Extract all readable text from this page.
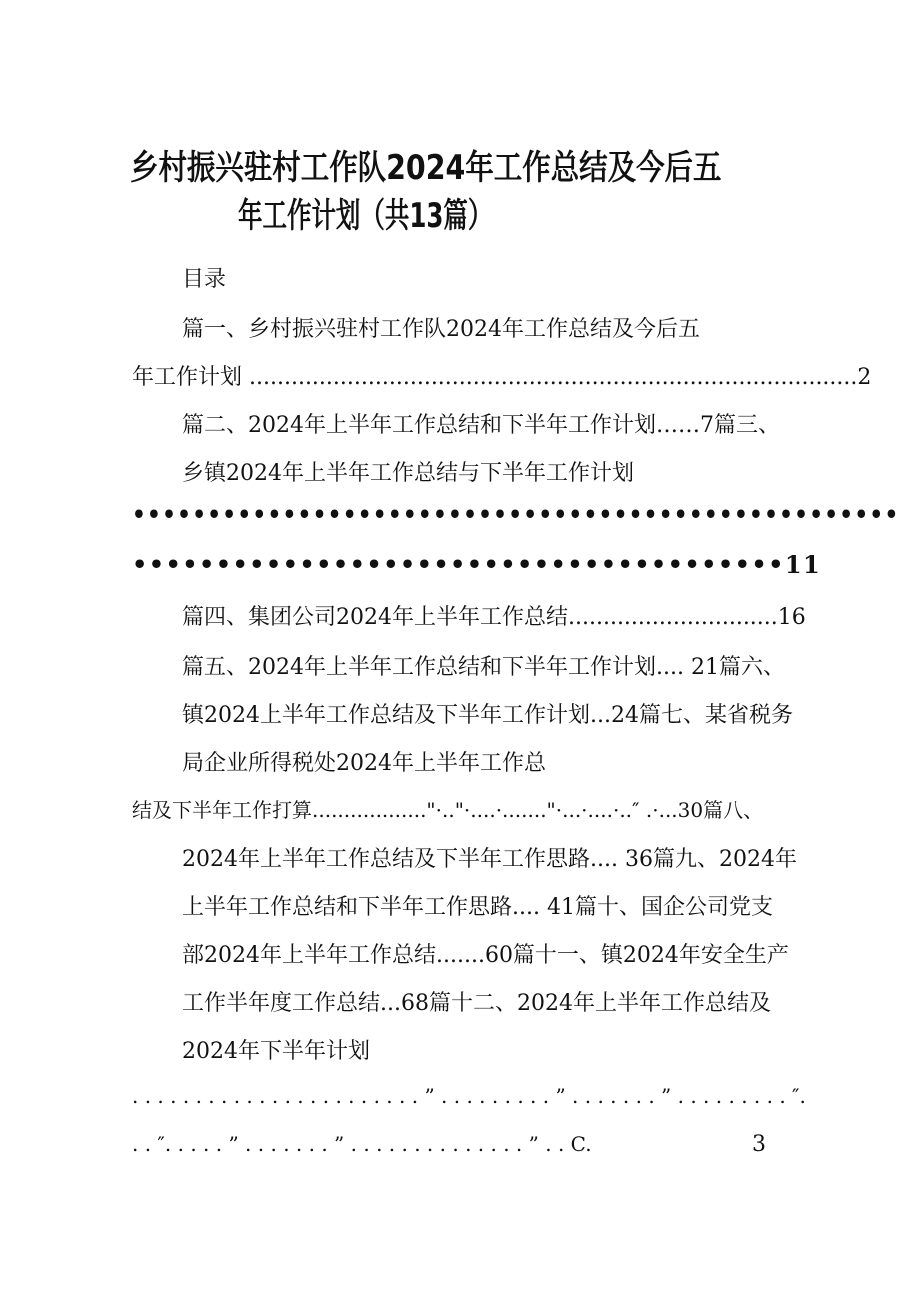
乡村振兴驻村工作队2024年工作总结及今后五
年工作计划（共13篇）
目录
篇一、乡村振兴驻村工作队2024年工作总结及今后五
年工作计划 .......................................................................................2
篇二、2024年上半年工作总结和下半年工作计划……7篇三、
乡镇2024年上半年工作总结与下半年工作计划
•••••••••••••••••••••••••••••••••••••••••••••••••••
•••••••••••••••••••••••••••••••••••••••11
篇四、集团公司2024年上半年工作总结..............................16
篇五、2024年上半年工作总结和下半年工作计划.... 21篇六、
镇2024上半年工作总结及下半年工作计划...24篇七、某省税务
局企业所得税处2024年上半年工作总
结及下半年工作打算.................."·.."·....·......."·...·....·..″ .·...30篇八、
2024年上半年工作总结及下半年工作思路.... 36篇九、2024年
上半年工作总结和下半年工作思路.... 41篇十、国企公司党支
部2024年上半年工作总结.......60篇十一、镇2024年安全生产
工作半年度工作总结...68篇十二、2024年上半年工作总结及
2024年下半年计划
. . . . . . . . . . . . . . . . . . . . . . . ” . . . . . . . . . ” . . . . . . . ” . . . . . . . . . ″.
. . ″. . . . . ” . . . . . . . ” . . . . . . . . . . . . . . ” . . C.	3
